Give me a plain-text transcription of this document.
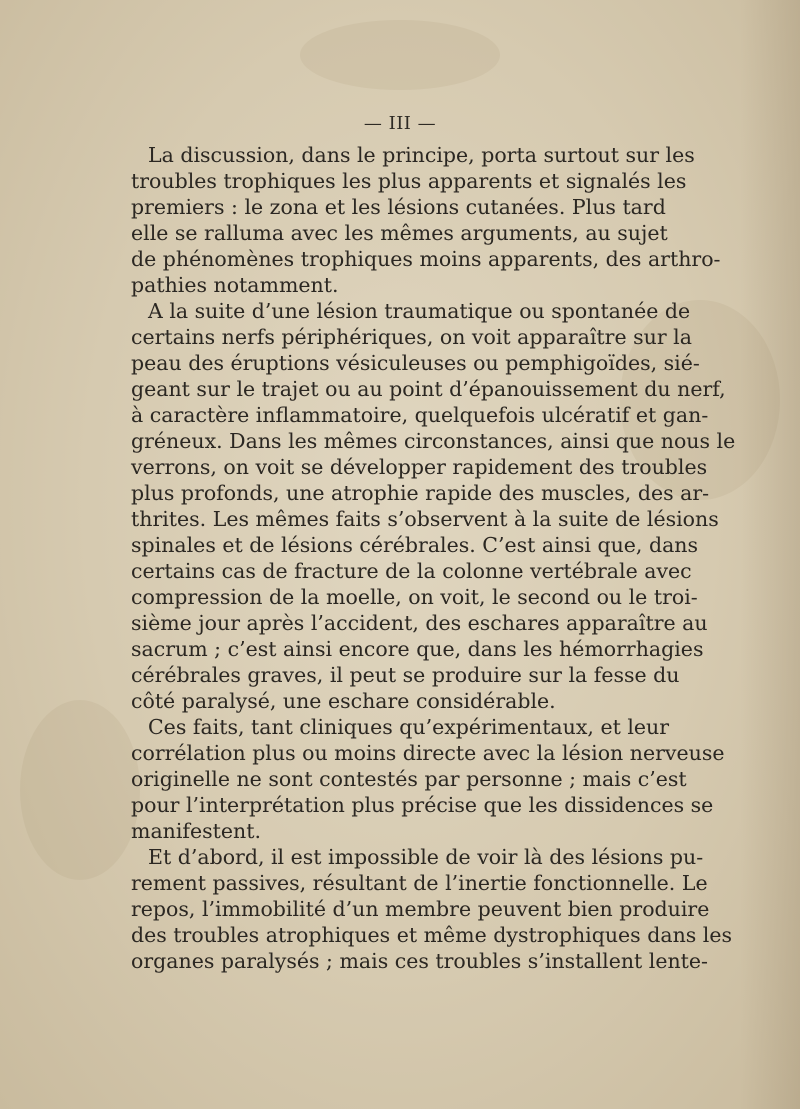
— III —
La discussion, dans le principe, porta surtout sur les
troubles trophiques les plus apparents et signalés les
premiers : le zona et les lésions cutanées. Plus tard
elle se ralluma avec les mêmes arguments, au sujet
de phénomènes trophiques moins apparents, des arthro-
pathies notamment.
A la suite d’une lésion traumatique ou spontanée de
certains nerfs périphériques, on voit apparaître sur la
peau des éruptions vésiculeuses ou pemphigoïdes, sié-
geant sur le trajet ou au point d’épanouissement du nerf,
à caractère inflammatoire, quelquefois ulcératif et gan-
gréneux. Dans les mêmes circonstances, ainsi que nous le
verrons, on voit se développer rapidement des troubles
plus profonds, une atrophie rapide des muscles, des ar-
thrites. Les mêmes faits s’observent à la suite de lésions
spinales et de lésions cérébrales. C’est ainsi que, dans
certains cas de fracture de la colonne vertébrale avec
compression de la moelle, on voit, le second ou le troi-
sième jour après l’accident, des eschares apparaître au
sacrum ; c’est ainsi encore que, dans les hémorrhagies
cérébrales graves, il peut se produire sur la fesse du
côté paralysé, une eschare considérable.
Ces faits, tant cliniques qu’expérimentaux, et leur
corrélation plus ou moins directe avec la lésion nerveuse
originelle ne sont contestés par personne ; mais c’est
pour l’interprétation plus précise que les dissidences se
manifestent.
Et d’abord, il est impossible de voir là des lésions pu-
rement passives, résultant de l’inertie fonctionnelle. Le
repos, l’immobilité d’un membre peuvent bien produire
des troubles atrophiques et même dystrophiques dans les
organes paralysés ; mais ces troubles s’installent lente-
